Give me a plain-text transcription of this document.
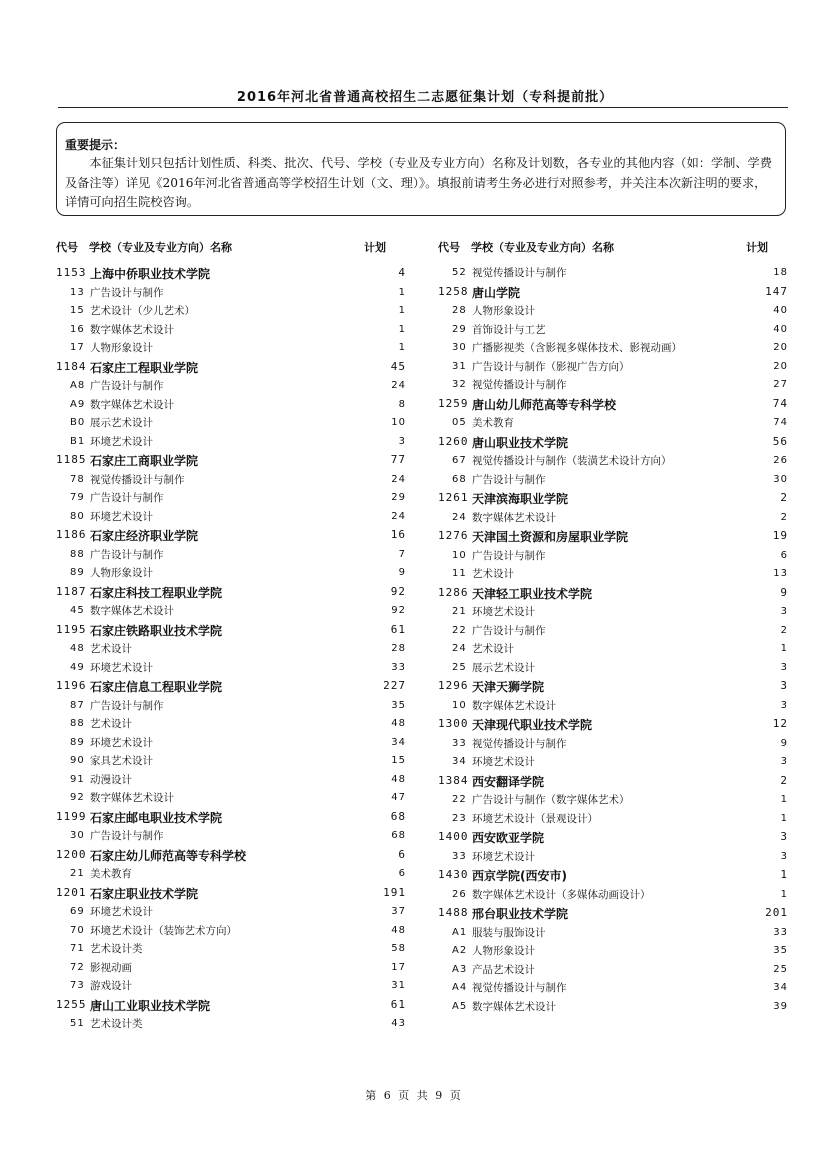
2016年河北省普通高校招生二志愿征集计划（专科提前批）
重要提示：
本征集计划只包括计划性质、科类、批次、代号、学校（专业及专业方向）名称及计划数，各专业的其他内容（如：学制、学费及备注等）详见《2016年河北省普通高等学校招生计划（文、理）》。填报前请考生务必进行对照参考，并关注本次新注明的要求，详情可向招生院校咨询。
代号 学校（专业及专业方向）名称	计划
1153 上海中侨职业技术学院	4
13 广告设计与制作	1
15 艺术设计（少儿艺术）	1
16 数字媒体艺术设计	1
17 人物形象设计	1
1184 石家庄工程职业学院	45
A8 广告设计与制作	24
A9 数字媒体艺术设计	8
B0 展示艺术设计	10
B1 环境艺术设计	3
1185 石家庄工商职业学院	77
78 视觉传播设计与制作	24
79 广告设计与制作	29
80 环境艺术设计	24
1186 石家庄经济职业学院	16
88 广告设计与制作	7
89 人物形象设计	9
1187 石家庄科技工程职业学院	92
45 数字媒体艺术设计	92
1195 石家庄铁路职业技术学院	61
48 艺术设计	28
49 环境艺术设计	33
1196 石家庄信息工程职业学院	227
87 广告设计与制作	35
88 艺术设计	48
89 环境艺术设计	34
90 家具艺术设计	15
91 动漫设计	48
92 数字媒体艺术设计	47
1199 石家庄邮电职业技术学院	68
30 广告设计与制作	68
1200 石家庄幼儿师范高等专科学校	6
21 美术教育	6
1201 石家庄职业技术学院	191
69 环境艺术设计	37
70 环境艺术设计（装饰艺术方向）	48
71 艺术设计类	58
72 影视动画	17
73 游戏设计	31
1255 唐山工业职业技术学院	61
51 艺术设计类	43
代号 学校（专业及专业方向）名称	计划
52 视觉传播设计与制作	18
1258 唐山学院	147
28 人物形象设计	40
29 首饰设计与工艺	40
30 广播影视类（含影视多媒体技术、影视动画）	20
31 广告设计与制作（影视广告方向）	20
32 视觉传播设计与制作	27
1259 唐山幼儿师范高等专科学校	74
05 美术教育	74
1260 唐山职业技术学院	56
67 视觉传播设计与制作（装潢艺术设计方向）	26
68 广告设计与制作	30
1261 天津滨海职业学院	2
24 数字媒体艺术设计	2
1276 天津国土资源和房屋职业学院	19
10 广告设计与制作	6
11 艺术设计	13
1286 天津轻工职业技术学院	9
21 环境艺术设计	3
22 广告设计与制作	2
24 艺术设计	1
25 展示艺术设计	3
1296 天津天狮学院	3
10 数字媒体艺术设计	3
1300 天津现代职业技术学院	12
33 视觉传播设计与制作	9
34 环境艺术设计	3
1384 西安翻译学院	2
22 广告设计与制作（数字媒体艺术）	1
23 环境艺术设计（景观设计）	1
1400 西安欧亚学院	3
33 环境艺术设计	3
1430 西京学院(西安市)	1
26 数字媒体艺术设计（多媒体动画设计）	1
1488 邢台职业技术学院	201
A1 服装与服饰设计	33
A2 人物形象设计	35
A3 产品艺术设计	25
A4 视觉传播设计与制作	34
A5 数字媒体艺术设计	39
第 6 页 共 9 页
